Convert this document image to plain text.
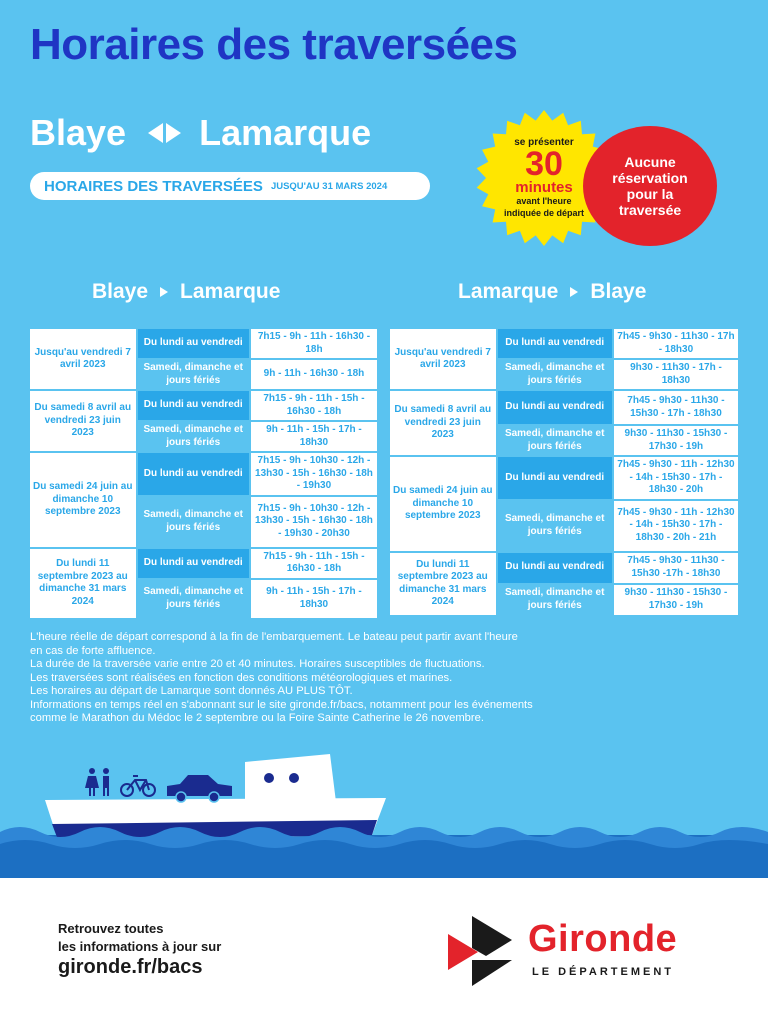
Horaires des traversées
Blaye Lamarque
HORAIRES DES TRAVERSÉES JUSQU'AU 31 MARS 2024
se présenter
30
minutes
avant l'heure
indiquée de départ
Aucune réservation pour la traversée
Blaye Lamarque	Lamarque Blaye
Jusqu'au vendredi 7 avril 2023	Du lundi au vendredi	7h15 - 9h - 11h - 16h30 - 18h
	Samedi, dimanche et jours fériés	9h - 11h - 16h30 - 18h
Du samedi 8 avril au vendredi 23 juin 2023	Du lundi au vendredi	7h15 - 9h - 11h - 15h - 16h30 - 18h
	Samedi, dimanche et jours fériés	9h - 11h - 15h - 17h - 18h30
Du samedi 24 juin au dimanche 10 septembre 2023	Du lundi au vendredi	7h15 - 9h - 10h30 - 12h - 13h30 - 15h - 16h30 - 18h - 19h30
	Samedi, dimanche et jours fériés	7h15 - 9h - 10h30 - 12h - 13h30 - 15h - 16h30 - 18h - 19h30 - 20h30
Du lundi 11 septembre 2023 au dimanche 31 mars 2024	Du lundi au vendredi	7h15 - 9h - 11h - 15h - 16h30 - 18h
	Samedi, dimanche et jours fériés	9h - 11h - 15h - 17h - 18h30
Jusqu'au vendredi 7 avril 2023	Du lundi au vendredi	7h45 - 9h30 - 11h30 - 17h - 18h30
	Samedi, dimanche et jours fériés	9h30 - 11h30 - 17h - 18h30
Du samedi 8 avril au vendredi 23 juin 2023	Du lundi au vendredi	7h45 - 9h30 - 11h30 - 15h30 - 17h - 18h30
	Samedi, dimanche et jours fériés	9h30 - 11h30 - 15h30 - 17h30 - 19h
Du samedi 24 juin au dimanche 10 septembre 2023	Du lundi au vendredi	7h45 - 9h30 - 11h - 12h30 - 14h - 15h30 - 17h - 18h30 - 20h
	Samedi, dimanche et jours fériés	7h45 - 9h30 - 11h - 12h30 - 14h - 15h30 - 17h - 18h30 - 20h - 21h
Du lundi 11 septembre 2023 au dimanche 31 mars 2024	Du lundi au vendredi	7h45 - 9h30 - 11h30 - 15h30 -17h - 18h30
	Samedi, dimanche et jours fériés	9h30 - 11h30 - 15h30 - 17h30 - 19h
L'heure réelle de départ correspond à la fin de l'embarquement. Le bateau peut partir avant l'heure
en cas de forte affluence.
La durée de la traversée varie entre 20 et 40 minutes. Horaires susceptibles de fluctuations.
Les traversées sont réalisées en fonction des conditions météorologiques et marines.
Les horaires au départ de Lamarque sont donnés AU PLUS TÔT.
Informations en temps réel en s'abonnant sur le site gironde.fr/bacs, notamment pour les événements
comme le Marathon du Médoc le 2 septembre ou la Foire Sainte Catherine le 26 novembre.
Retrouvez toutes
les informations à jour sur
gironde.fr/bacs
Gironde
LE DÉPARTEMENT
